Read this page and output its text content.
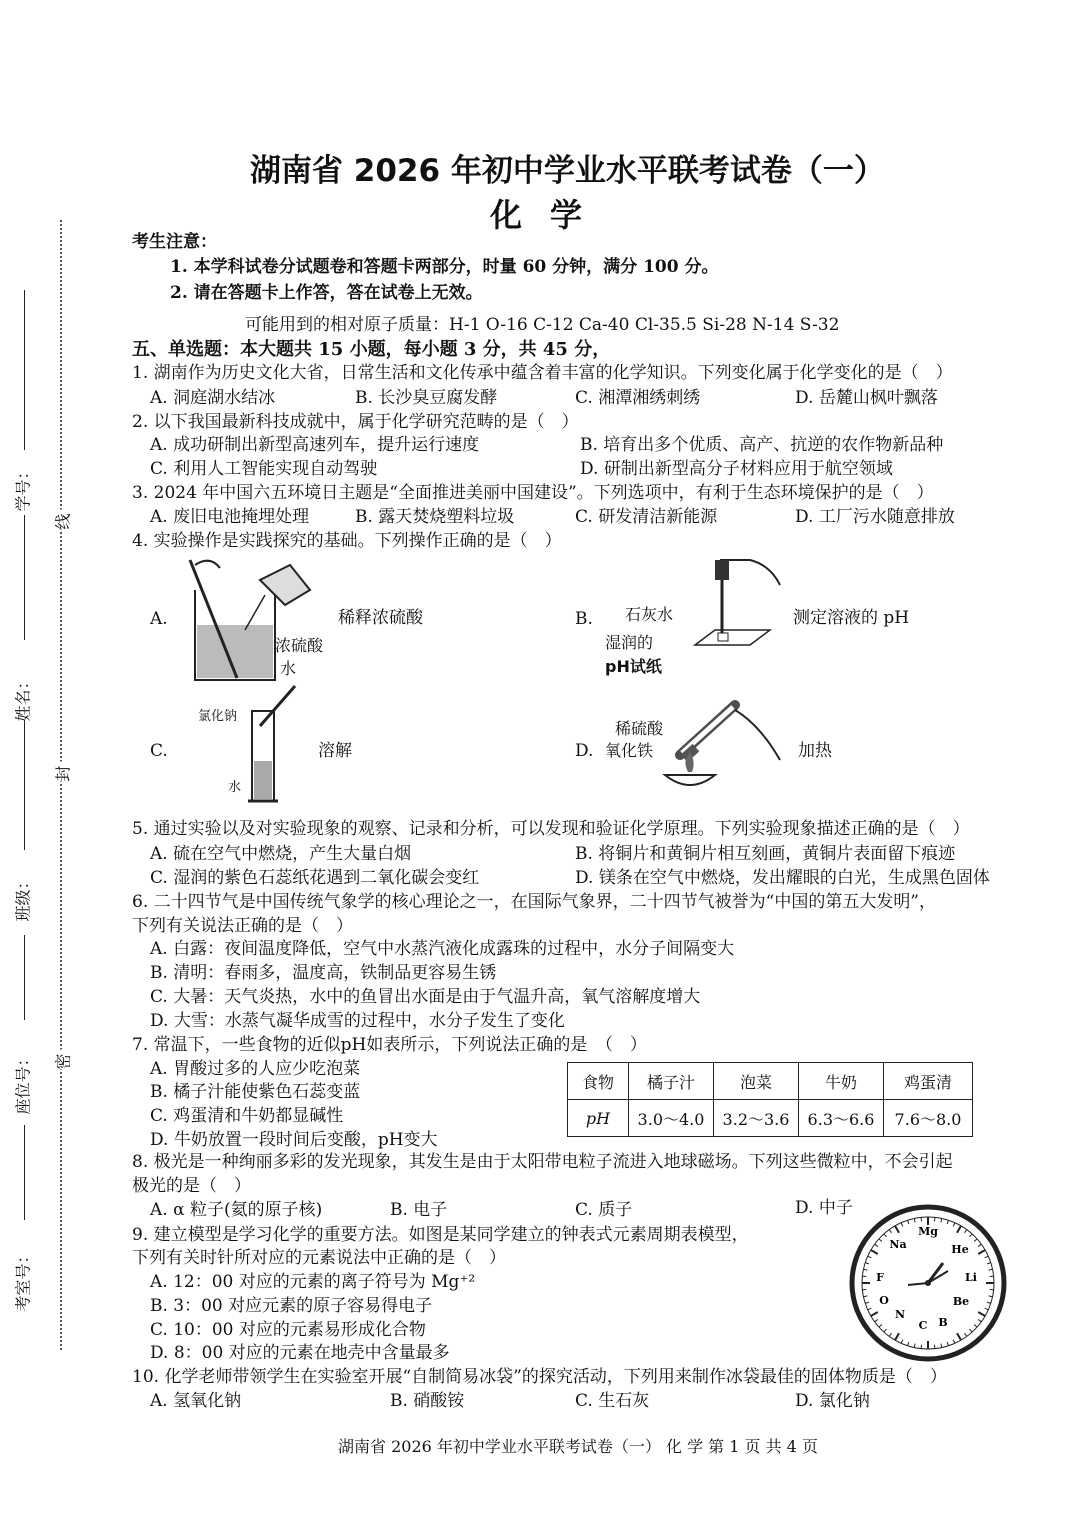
学号：
姓名：
班级：
座位号：
考室号：
线
封
密
湖南省 2026 年初中学业水平联考试卷（一）
化学
考生注意：
1. 本学科试卷分试题卷和答题卡两部分，时量 60 分钟，满分 100 分。
2. 请在答题卡上作答，答在试卷上无效。
可能用到的相对原子质量：H-1 O-16 C-12 Ca-40 Cl-35.5 Si-28 N-14 S-32
五、单选题：本大题共 15 小题，每小题 3 分，共 45 分，
1. 湖南作为历史文化大省，日常生活和文化传承中蕴含着丰富的化学知识。下列变化属于化学变化的是（　）
A. 洞庭湖水结冰	B. 长沙臭豆腐发酵	C. 湘潭湘绣刺绣	D. 岳麓山枫叶飘落
2. 以下我国最新科技成就中，属于化学研究范畴的是（　）
A. 成功研制出新型高速列车，提升运行速度	B. 培育出多个优质、高产、抗逆的农作物新品种
C. 利用人工智能实现自动驾驶	D. 研制出新型高分子材料应用于航空领域
3. 2024 年中国六五环境日主题是“全面推进美丽中国建设”。下列选项中，有利于生态环境保护的是（　）
A. 废旧电池掩埋处理	B. 露天焚烧塑料垃圾	C. 研发清洁新能源	D. 工厂污水随意排放
4. 实验操作是实践探究的基础。下列操作正确的是（　）
A.
浓硫酸
水
稀释浓硫酸	B. 石灰水
湿润的
pH试纸
测定溶液的 pH
C.
氯化钠
水
溶解	D.
稀硫酸
氧化铁	加热
5. 通过实验以及对实验现象的观察、记录和分析，可以发现和验证化学原理。下列实验现象描述正确的是（　）
A. 硫在空气中燃烧，产生大量白烟	B. 将铜片和黄铜片相互刻画，黄铜片表面留下痕迹
C. 湿润的紫色石蕊纸花遇到二氧化碳会变红	D. 镁条在空气中燃烧，发出耀眼的白光，生成黑色固体
6. 二十四节气是中国传统气象学的核心理论之一，在国际气象界，二十四节气被誉为“中国的第五大发明”，
下列有关说法正确的是（　）
A. 白露：夜间温度降低，空气中水蒸汽液化成露珠的过程中，水分子间隔变大
B. 清明：春雨多，温度高，铁制品更容易生锈
C. 大暑：天气炎热，水中的鱼冒出水面是由于气温升高，氧气溶解度增大
D. 大雪：水蒸气凝华成雪的过程中，水分子发生了变化
7. 常温下，一些食物的近似pH如表所示，下列说法正确的是　（　）
A. 胃酸过多的人应少吃泡菜
B. 橘子汁能使紫色石蕊变蓝
C. 鸡蛋清和牛奶都显碱性
D. 牛奶放置一段时间后变酸，pH变大
食物	橘子汁	泡菜	牛奶	鸡蛋清
pH	3.0～4.0	3.2～3.6	6.3～6.6	7.6～8.0
8. 极光是一种绚丽多彩的发光现象，其发生是由于太阳带电粒子流进入地球磁场。下列这些微粒中，不会引起
极光的是（　）
A. α 粒子(氦的原子核)	B. 电子	C. 质子	D. 中子
9. 建立模型是学习化学的重要方法。如图是某同学建立的钟表式元素周期表模型，
下列有关时针所对应的元素说法中正确的是（　）
A. 12：00 对应的元素的离子符号为 Mg⁺²
B. 3：00 对应元素的原子容易得电子
C. 10：00 对应的元素易形成化合物
D. 8：00 对应的元素在地壳中含量最多
Mg
Na	He
Li
Be
B
C
N
O
F
10. 化学老师带领学生在实验室开展“自制简易冰袋”的探究活动，下列用来制作冰袋最佳的固体物质是（　）
A. 氢氧化钠	B. 硝酸铵	C. 生石灰	D. 氯化钠
湖南省 2026 年初中学业水平联考试卷（一） 化 学 第 1 页 共 4 页
